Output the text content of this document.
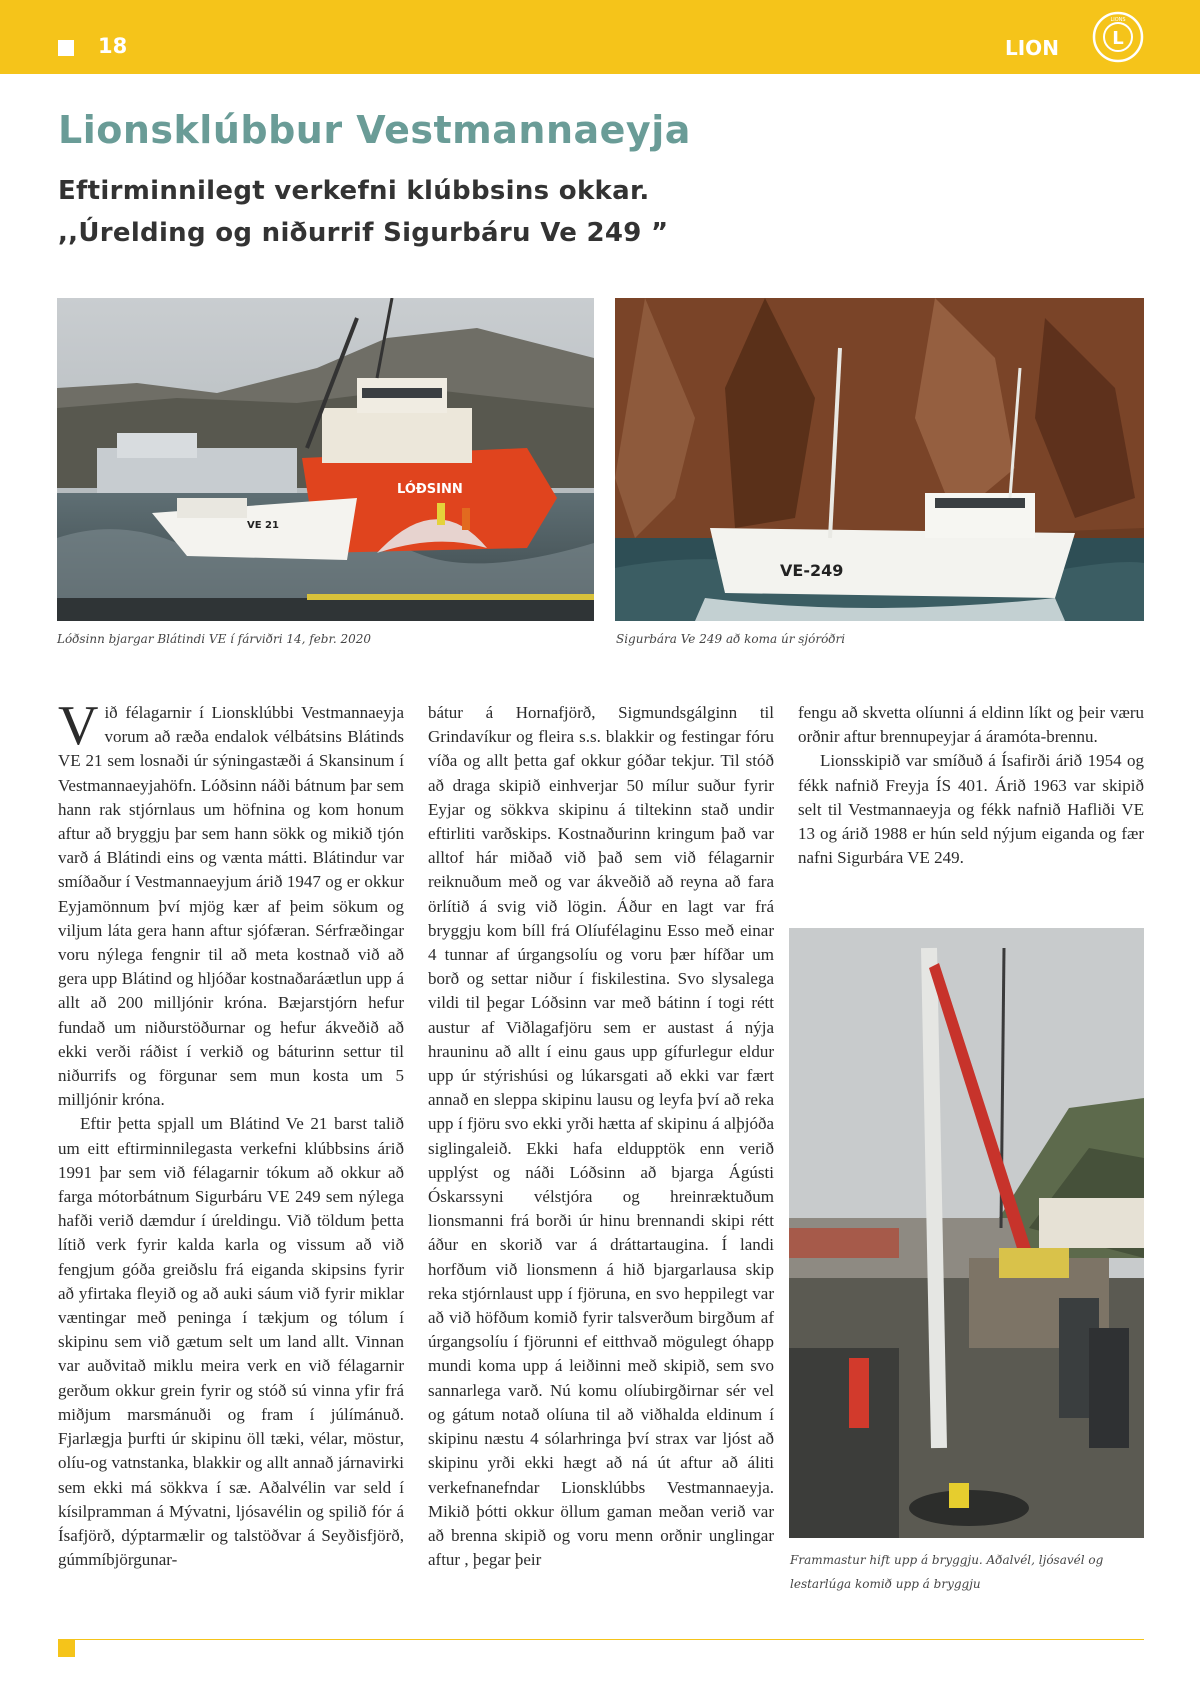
18	LION	L
LIONS
Lionsklúbbur Vestmannaeyja
Eftirminnilegt verkefni klúbbsins okkar.
,,Úrelding og niðurrif Sigurbáru Ve 249 ˮ
LÓÐSINN
VE 21
Lóðsinn bjargar Blátindi VE í fárviðri 14, febr. 2020
VE-249
Sigurbára Ve 249 að koma úr sjóróðri

Við félagarnir í Lionsklúbbi Vestmannaeyja vorum að ræða endalok vélbátsins Blátinds VE 21 sem losnaði úr sýningastæði á Skansinum í Vestmannaeyjahöfn. Lóðsinn náði bátnum þar sem hann rak stjórnlaus um höfnina og kom honum aftur að bryggju þar sem hann sökk og mikið tjón varð á Blátindi eins og vænta mátti. Blátindur var smíðaður í Vestmannaeyjum árið 1947 og er okkur Eyjamönnum því mjög kær af þeim sökum og viljum láta gera hann aftur sjófæran. Sérfræðingar voru nýlega fengnir til að meta kostnað við að gera upp Blátind og hljóðar kostnaðaráætlun upp á allt að 200 milljónir króna. Bæjarstjórn hefur fundað um niðurstöðurnar og hefur ákveðið að ekki verði ráðist í verkið og báturinn settur til niðurrifs og förgunar sem mun kosta um 5 milljónir króna.

Eftir þetta spjall um Blátind Ve 21 barst talið um eitt eftirminnilegasta verkefni klúbbsins árið 1991 þar sem við félagarnir tókum að okkur að farga mótorbátnum Sigurbáru VE 249 sem nýlega hafði verið dæmdur í úreldingu. Við töldum þetta lítið verk fyrir kalda karla og vissum að við fengjum góða greiðslu frá eiganda skipsins fyrir að yfirtaka fleyið og að auki sáum við fyrir miklar væntingar með peninga í tækjum og tólum í skipinu sem við gætum selt um land allt. Vinnan var auðvitað miklu meira verk en við félagarnir gerðum okkur grein fyrir og stóð sú vinna yfir frá miðjum marsmánuði og fram í júlímánuð. Fjarlægja þurfti úr skipinu öll tæki, vélar, möstur, olíu-og vatnstanka, blakkir og allt annað járnavirki sem ekki má sökkva í sæ. Aðalvélin var seld í kísilpramman á Mývatni, ljósavélin og spilið fór á Ísafjörð, dýptarmælir og talstöðvar á Seyðisfjörð, gúmmíbjörgunar-

bátur á Hornafjörð, Sigmundsgálginn til Grindavíkur og fleira s.s. blakkir og festingar fóru víða og allt þetta gaf okkur góðar tekjur. Til stóð að draga skipið einhverjar 50 mílur suður fyrir Eyjar og sökkva skipinu á tiltekinn stað undir eftirliti varðskips. Kostnaðurinn kringum það var alltof hár miðað við það sem við félagarnir reiknuðum með og var ákveðið að reyna að fara örlítið á svig við lögin. Áður en lagt var frá bryggju kom bíll frá Olíufélaginu Esso með einar 4 tunnar af úrgangsolíu og voru þær hífðar um borð og settar niður í fiskilestina. Svo slysalega vildi til þegar Lóðsinn var með bátinn í togi rétt austur af Viðlagafjöru sem er austast á nýja hrauninu að allt í einu gaus upp gífurlegur eldur upp úr stýrishúsi og lúkarsgati að ekki var fært annað en sleppa skipinu lausu og leyfa því að reka upp í fjöru svo ekki yrði hætta af skipinu á alþjóða siglingaleið. Ekki hafa eldupptök enn verið upplýst og náði Lóðsinn að bjarga Ágústi Óskarssyni vélstjóra og hreinræktuðum lionsmanni frá borði úr hinu brennandi skipi rétt áður en skorið var á dráttartaugina. Í landi horfðum við lionsmenn á hið bjargarlausa skip reka stjórnlaust upp í fjöruna, en svo heppilegt var að við höfðum komið fyrir talsverðum birgðum af úrgangsolíu í fjörunni ef eitthvað mögulegt óhapp mundi koma upp á leiðinni með skipið, sem svo sannarlega varð. Nú komu olíubirgðirnar sér vel og gátum notað olíuna til að viðhalda eldinum í skipinu næstu 4 sólarhringa því strax var ljóst að skipinu yrði ekki hægt að ná út aftur að áliti verkefnanefndar Lionsklúbbs Vestmannaeyja. Mikið þótti okkur öllum gaman meðan verið var að brenna skipið og voru menn orðnir unglingar aftur , þegar þeir

fengu að skvetta olíunni á eldinn líkt og þeir væru orðnir aftur brennupeyjar á áramóta-brennu.

Lionsskipið var smíðuð á Ísafirði árið 1954 og fékk nafnið Freyja ÍS 401. Árið 1963 var skipið selt til Vestmannaeyja og fékk nafnið Hafliði VE 13 og árið 1988 er hún seld nýjum eiganda og fær nafni Sigurbára VE 249.

Frammastur hift upp á bryggju. Aðalvél, ljósavél og lestarlúga komið upp á bryggju
